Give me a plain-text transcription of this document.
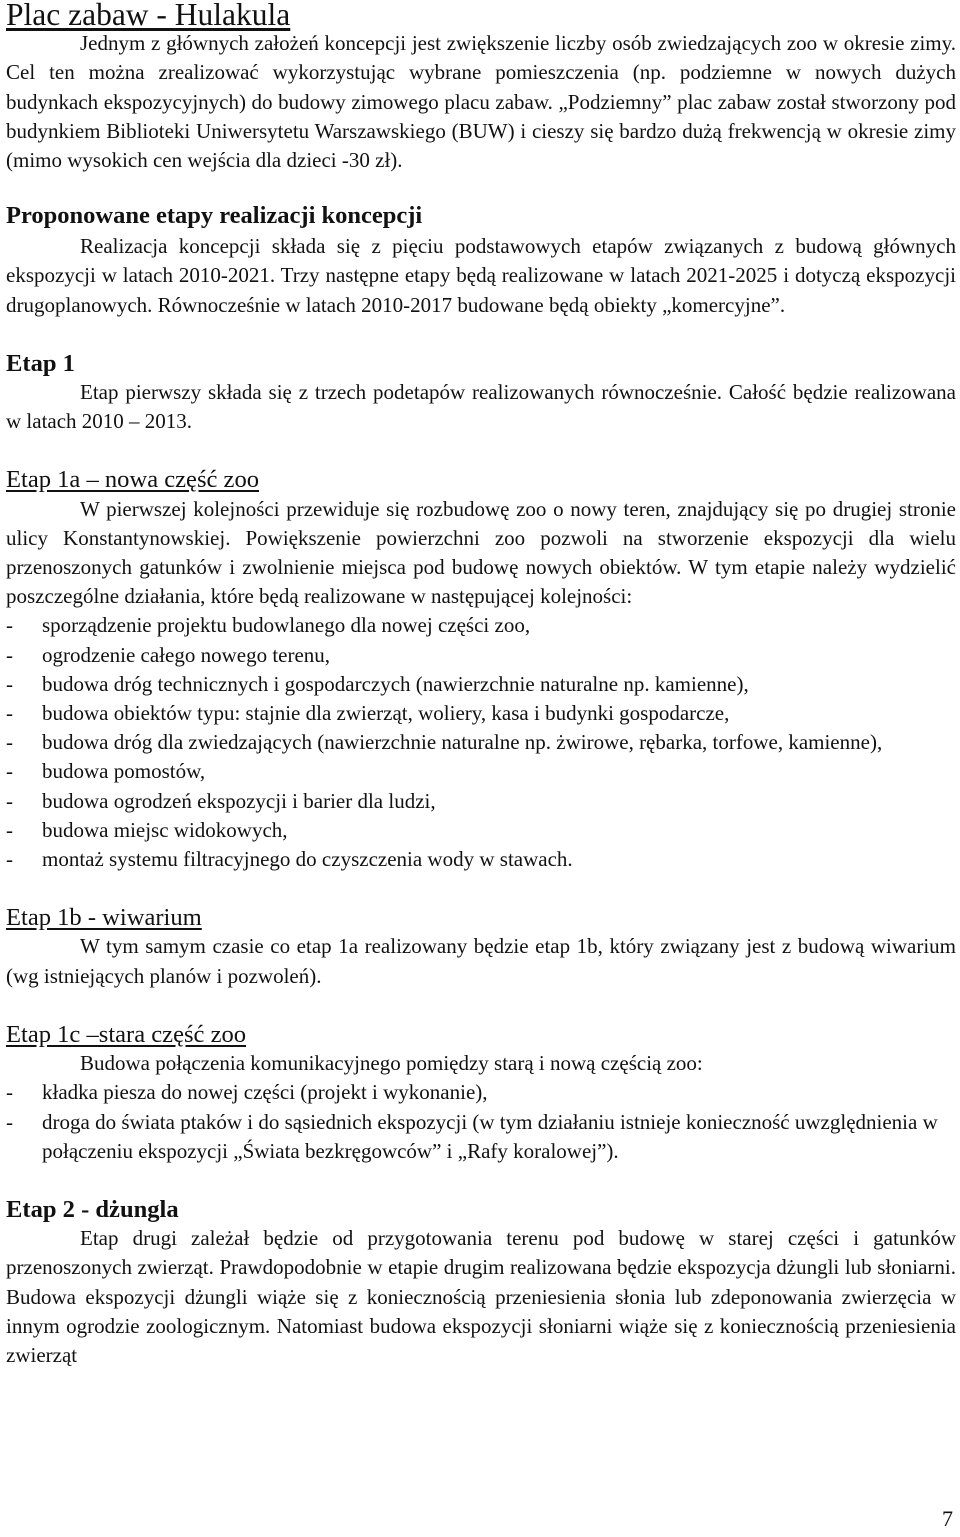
Plac zabaw - Hulakula

Jednym z głównych założeń koncepcji jest zwiększenie liczby osób zwiedzających zoo w okresie zimy. Cel ten można zrealizować wykorzystując wybrane pomieszczenia (np. podziemne w nowych dużych budynkach ekspozycyjnych) do budowy zimowego placu zabaw. „Podziemny” plac zabaw został stworzony pod budynkiem Biblioteki Uniwersytetu Warszawskiego (BUW) i cieszy się bardzo dużą frekwencją w okresie zimy (mimo wysokich cen wejścia dla dzieci -30 zł).

Proponowane etapy realizacji koncepcji

Realizacja koncepcji składa się z pięciu podstawowych etapów związanych z budową głównych ekspozycji w latach 2010-2021. Trzy następne etapy będą realizowane w latach 2021-2025 i dotyczą ekspozycji drugoplanowych. Równocześnie w latach 2010-2017 budowane będą obiekty „komercyjne”.

Etap 1

Etap pierwszy składa się z trzech podetapów realizowanych równocześnie. Całość będzie realizowana w latach 2010 – 2013.

Etap 1a – nowa część zoo

W pierwszej kolejności przewiduje się rozbudowę zoo o nowy teren, znajdujący się po drugiej stronie ulicy Konstantynowskiej. Powiększenie powierzchni zoo pozwoli na stworzenie ekspozycji dla wielu przenoszonych gatunków i zwolnienie miejsca pod budowę nowych obiektów. W tym etapie należy wydzielić poszczególne działania, które będą realizowane w następującej kolejności:

- sporządzenie projektu budowlanego dla nowej części zoo,
- ogrodzenie całego nowego terenu,
- budowa dróg technicznych i gospodarczych (nawierzchnie naturalne np. kamienne),
- budowa obiektów typu: stajnie dla zwierząt, woliery, kasa i budynki gospodarcze,
- budowa dróg dla zwiedzających (nawierzchnie naturalne np. żwirowe, rębarka, torfowe, kamienne),
- budowa pomostów,
- budowa ogrodzeń ekspozycji i barier dla ludzi,
- budowa miejsc widokowych,
- montaż systemu filtracyjnego do czyszczenia wody w stawach.
Etap 1b - wiwarium

W tym samym czasie co etap 1a realizowany będzie etap 1b, który związany jest z budową wiwarium (wg istniejących planów i pozwoleń).

Etap 1c –stara część zoo

Budowa połączenia komunikacyjnego pomiędzy starą i nową częścią zoo:

- kładka piesza do nowej części (projekt i wykonanie),
- droga do świata ptaków i do sąsiednich ekspozycji (w tym działaniu istnieje konieczność uwzględnienia w połączeniu ekspozycji „Świata bezkręgowców” i „Rafy koralowej”).
Etap 2 - dżungla

Etap drugi zależał będzie od przygotowania terenu pod budowę w starej części i gatunków przenoszonych zwierząt. Prawdopodobnie w etapie drugim realizowana będzie ekspozycja dżungli lub słoniarni. Budowa ekspozycji dżungli wiąże się z koniecznością przeniesienia słonia lub zdeponowania zwierzęcia w innym ogrodzie zoologicznym. Natomiast budowa ekspozycji słoniarni wiąże się z koniecznością przeniesienia zwierząt

7
